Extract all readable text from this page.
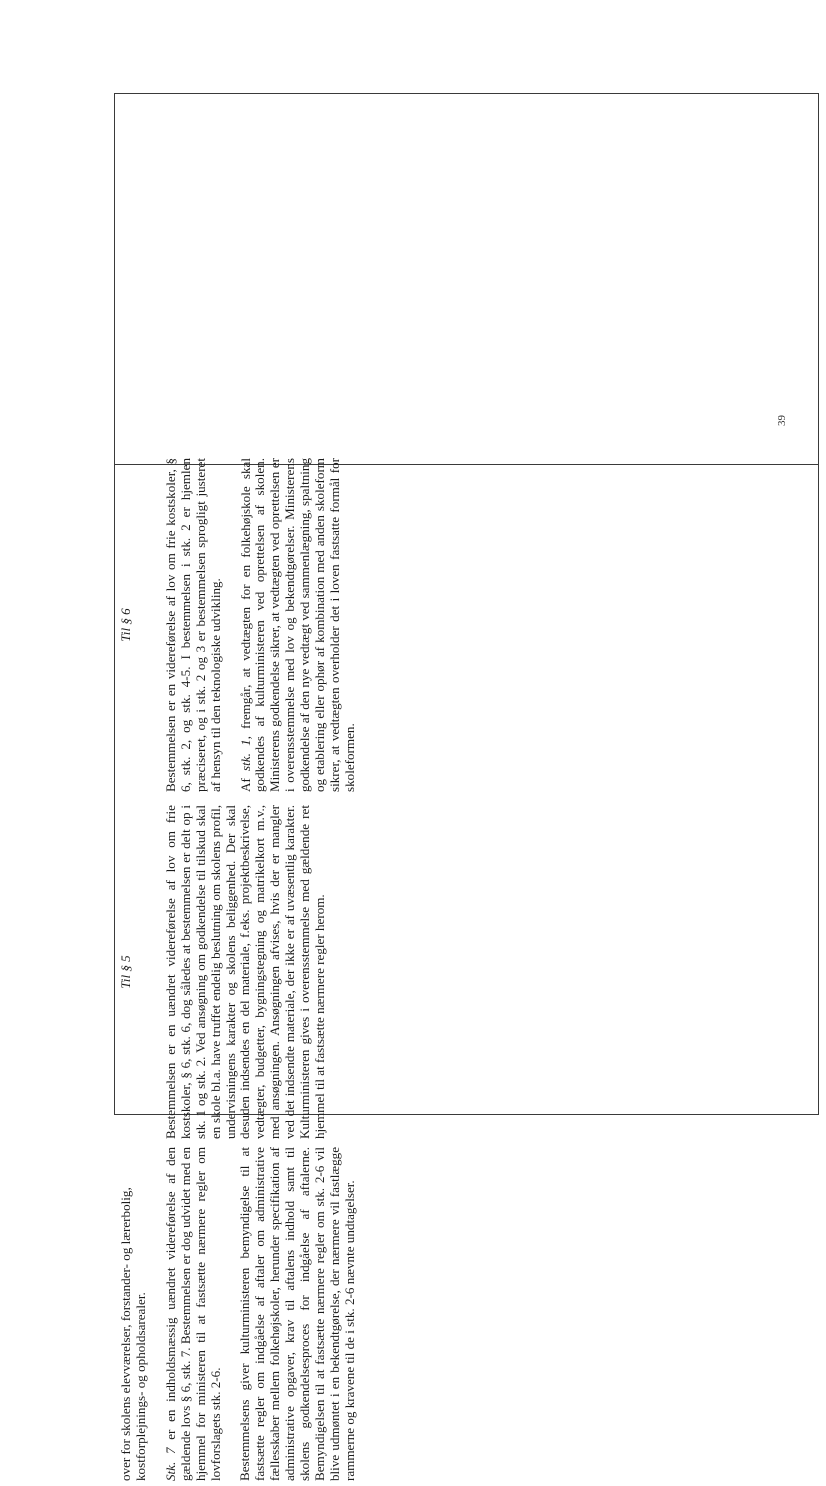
over for skolens elevværelser, forstander- og lærerbolig, kostforplejnings- og opholdsarealer. Stk. 7 er en indholdsmæssig uændret videreførelse af den gældende lovs § 6, stk. 7. Bestemmelsen er dog udvidet med en hjemmel for ministeren til at fastsætte nærmere regler om lovforslagets stk. 2-6. Bestemmelsens giver kulturministeren bemyndigelse til at fastsætte regler om indgåelse af aftaler om administrative fællesskaber mellem folkehøjskoler, herunder specifikation af administrative opgaver, krav til aftalens indhold samt til skolens godkendelsesproces for indgåelse af aftalerne. Bemyndigelsen til at fastsætte nærmere regler om stk. 2-6 vil blive udmøntet i en bekendtgørelse, der nærmere vil fastlægge rammerne og kravene til de i stk. 2-6 nævnte undtagelser.

Til § 5 Bestemmelsen er en uændret videreførelse af lov om frie kostskoler, § 6, stk. 6, dog således at bestemmelsen er delt op i stk. 1 og stk. 2. Ved ansøgning om godkendelse til tilskud skal en skole bl.a. have truffet endelig beslutning om skolens profil, undervisningens karakter og skolens beliggenhed. Der skal desuden indsendes en del materiale, f.eks. projektbeskrivelse, vedtægter, budgetter, bygningstegning og matrikelkort m.v., med ansøgningen. Ansøgningen afvises, hvis der er mangler ved det indsendte materiale, der ikke er af uvæsentlig karakter. Kulturministeren gives i overensstemmelse med gældende ret hjemmel til at fastsætte nærmere regler herom.

Til § 6 Bestemmelsen er en videreførelse af lov om frie kostskoler, § 6, stk. 2, og stk. 4-5. I bestemmelsen i stk. 2 er hjemlen præciseret, og i stk. 2 og 3 er bestemmelsen sprogligt justeret af hensyn til den teknologiske udvikling. Af stk. 1, fremgår, at vedtægten for en folkehøjskole skal godkendes af kulturministeren ved oprettelsen af skolen. Ministerens godkendelse sikrer, at vedtægten ved oprettelsen er i overensstemmelse med lov og bekendtgørelser. Ministerens godkendelse af den nye vedtægt ved sammenlægning, spaltning og etablering eller ophør af kombination med anden skoleform sikrer, at vedtægten overholder det i loven fastsatte formål for skoleformen.

39
